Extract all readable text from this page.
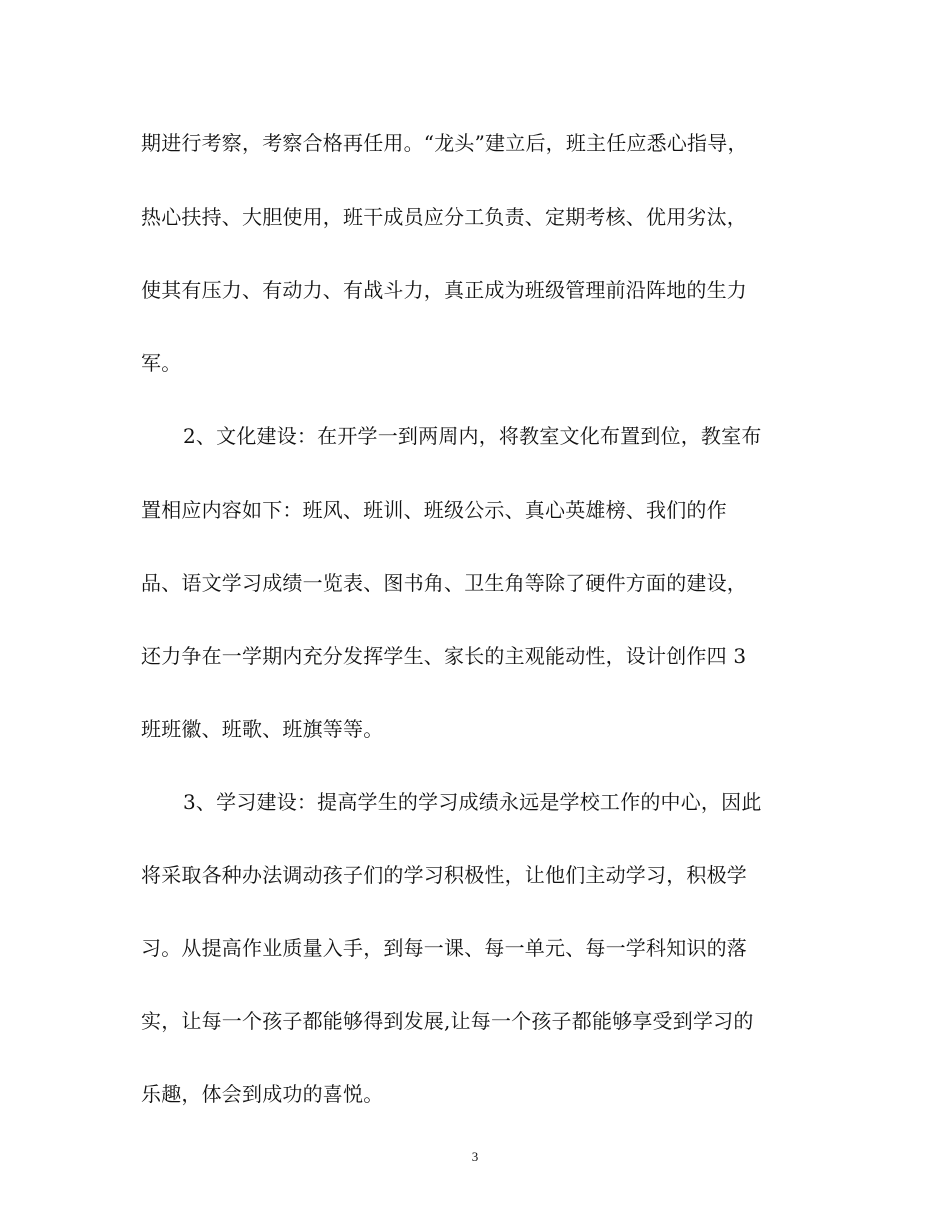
期进行考察，考察合格再任用。“龙头”建立后，班主任应悉心指导，

热心扶持、大胆使用，班干成员应分工负责、定期考核、优用劣汰，

使其有压力、有动力、有战斗力，真正成为班级管理前沿阵地的生力

军。

2、文化建设：在开学一到两周内，将教室文化布置到位，教室布

置相应内容如下：班风、班训、班级公示、真心英雄榜、我们的作

品、语文学习成绩一览表、图书角、卫生角等除了硬件方面的建设，

还力争在一学期内充分发挥学生、家长的主观能动性，设计创作四 3

班班徽、班歌、班旗等等。

3、学习建设：提高学生的学习成绩永远是学校工作的中心，因此

将采取各种办法调动孩子们的学习积极性，让他们主动学习，积极学

习。从提高作业质量入手，到每一课、每一单元、每一学科知识的落

实，让每一个孩子都能够得到发展,让每一个孩子都能够享受到学习的

乐趣，体会到成功的喜悦。

3
